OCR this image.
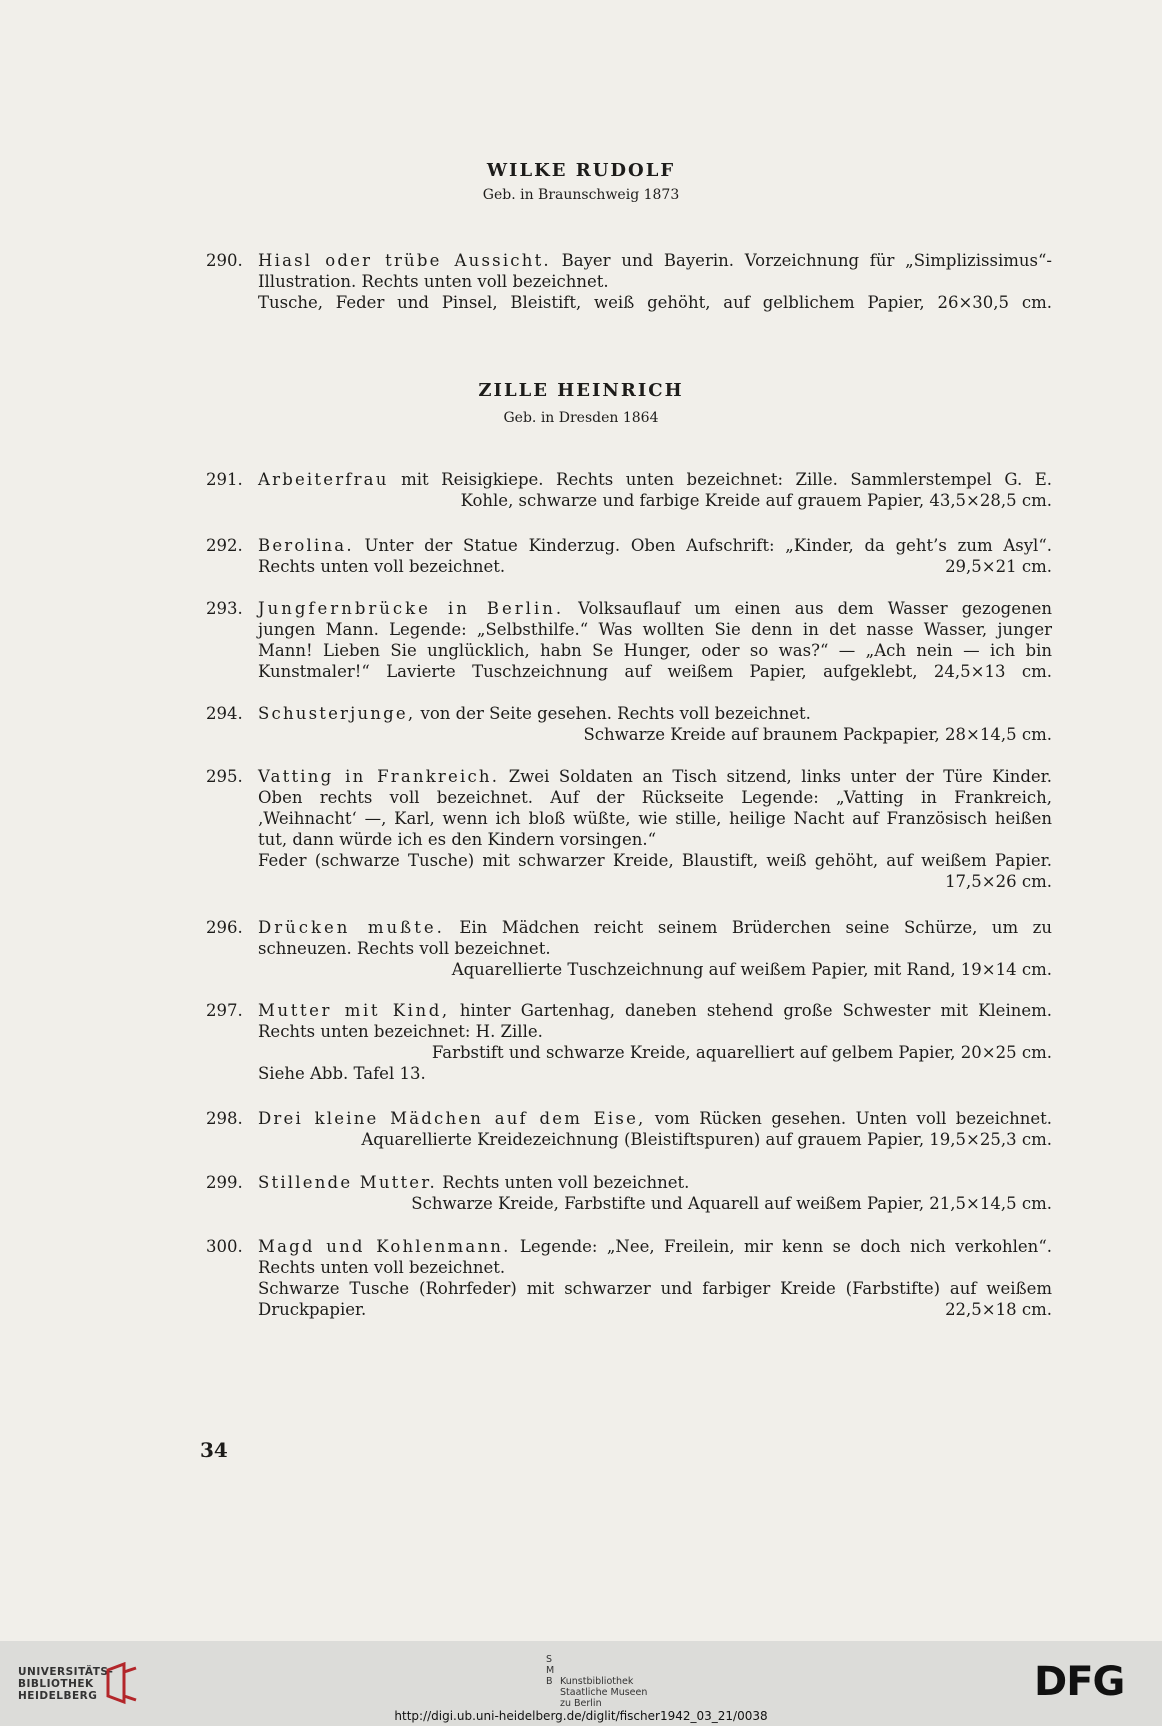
WILKE RUDOLF
Geb. in Braunschweig 1873
290. Hiasl oder trübe Aussicht. Bayer und Bayerin. Vorzeichnung für „Simplizissimus“-
Illustration. Rechts unten voll bezeichnet.
Tusche, Feder und Pinsel, Bleistift, weiß gehöht, auf gelblichem Papier, 26×30,5 cm.
ZILLE HEINRICH
Geb. in Dresden 1864
291. Arbeiterfrau mit Reisigkiepe. Rechts unten bezeichnet: Zille. Sammlerstempel G. E.
Kohle, schwarze und farbige Kreide auf grauem Papier, 43,5×28,5 cm.
292. Berolina. Unter der Statue Kinderzug. Oben Aufschrift: „Kinder, da geht’s zum Asyl“.
Rechts unten voll bezeichnet.	29,5×21 cm.
293. Jungfernbrücke in Berlin. Volksauflauf um einen aus dem Wasser gezogenen
jungen Mann. Legende: „Selbsthilfe.“ Was wollten Sie denn in det nasse Wasser, junger
Mann! Lieben Sie unglücklich, habn Se Hunger, oder so was?“ — „Ach nein — ich bin
Kunstmaler!“ Lavierte Tuschzeichnung auf weißem Papier, aufgeklebt, 24,5×13 cm.
294. Schusterjunge, von der Seite gesehen. Rechts voll bezeichnet.
Schwarze Kreide auf braunem Packpapier, 28×14,5 cm.
295. Vatting in Frankreich. Zwei Soldaten an Tisch sitzend, links unter der Türe Kinder.
Oben rechts voll bezeichnet. Auf der Rückseite Legende: „Vatting in Frankreich,
‚Weihnacht‘ —, Karl, wenn ich bloß wüßte, wie stille, heilige Nacht auf Französisch heißen
tut, dann würde ich es den Kindern vorsingen.“
Feder (schwarze Tusche) mit schwarzer Kreide, Blaustift, weiß gehöht, auf weißem Papier.
17,5×26 cm.
296. Drücken mußte. Ein Mädchen reicht seinem Brüderchen seine Schürze, um zu
schneuzen. Rechts voll bezeichnet.
Aquarellierte Tuschzeichnung auf weißem Papier, mit Rand, 19×14 cm.
297. Mutter mit Kind, hinter Gartenhag, daneben stehend große Schwester mit Kleinem.
Rechts unten bezeichnet: H. Zille.
Farbstift und schwarze Kreide, aquarelliert auf gelbem Papier, 20×25 cm.
Siehe Abb. Tafel 13.
298. Drei kleine Mädchen auf dem Eise, vom Rücken gesehen. Unten voll bezeichnet.
Aquarellierte Kreidezeichnung (Bleistiftspuren) auf grauem Papier, 19,5×25,3 cm.
299. Stillende Mutter. Rechts unten voll bezeichnet.
Schwarze Kreide, Farbstifte und Aquarell auf weißem Papier, 21,5×14,5 cm.
300. Magd und Kohlenmann. Legende: „Nee, Freilein, mir kenn se doch nich verkohlen“.
Rechts unten voll bezeichnet.
Schwarze Tusche (Rohrfeder) mit schwarzer und farbiger Kreide (Farbstifte) auf weißem
Druckpapier.	22,5×18 cm.
34
UNIVERSITÄTS-
BIBLIOTHEK
HEIDELBERG
S
M
B Kunstbibliothek
Staatliche Museen
zu Berlin	DFG
http://digi.ub.uni-heidelberg.de/diglit/fischer1942_03_21/0038
